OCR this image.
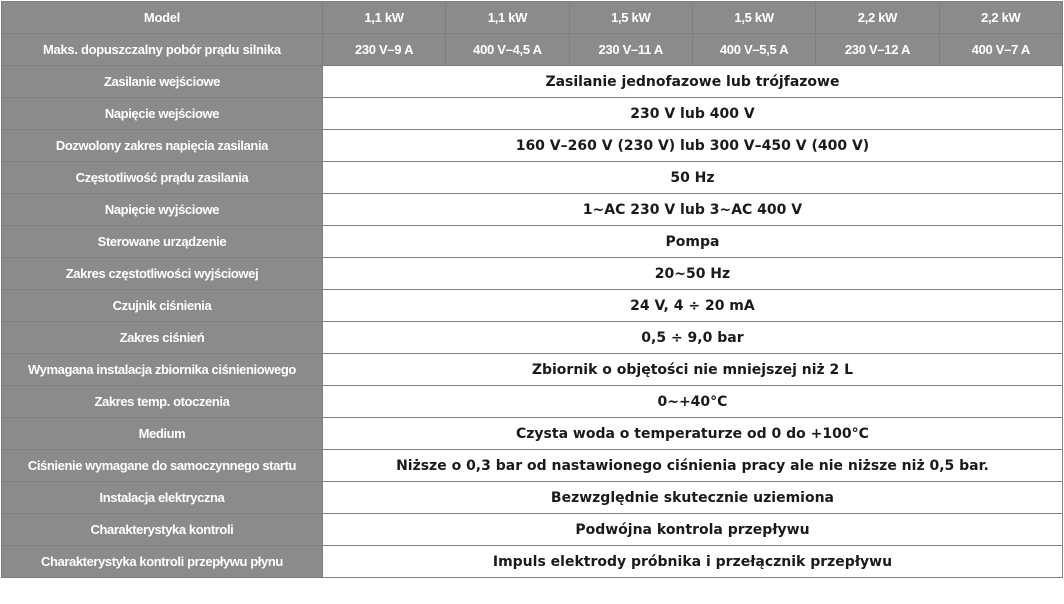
Model	1,1 kW	1,1 kW	1,5 kW	1,5 kW	2,2 kW	2,2 kW
Maks. dopuszczalny pobór prądu silnika	230 V–9 A	400 V–4,5 A	230 V–11 A	400 V–5,5 A	230 V–12 A	400 V–7 A
Zasilanie wejściowe	Zasilanie jednofazowe lub trójfazowe					
Napięcie wejściowe	230 V lub 400 V					
Dozwolony zakres napięcia zasilania	160 V–260 V (230 V) lub 300 V–450 V (400 V)					
Częstotliwość prądu zasilania	50 Hz					
Napięcie wyjściowe	1~AC 230 V lub 3~AC 400 V					
Sterowane urządzenie	Pompa					
Zakres częstotliwości wyjściowej	20~50 Hz					
Czujnik ciśnienia	24 V, 4 ÷ 20 mA					
Zakres ciśnień	0,5 ÷ 9,0 bar					
Wymagana instalacja zbiornika ciśnieniowego	Zbiornik o objętości nie mniejszej niż 2 L					
Zakres temp. otoczenia	0~+40°C					
Medium	Czysta woda o temperaturze od 0 do +100°C					
Ciśnienie wymagane do samoczynnego startu	Niższe o 0,3 bar od nastawionego ciśnienia pracy ale nie niższe niż 0,5 bar.					
Instalacja elektryczna	Bezwzględnie skutecznie uziemiona					
Charakterystyka kontroli	Podwójna kontrola przepływu					
Charakterystyka kontroli przepływu płynu	Impuls elektrody próbnika i przełącznik przepływu					
